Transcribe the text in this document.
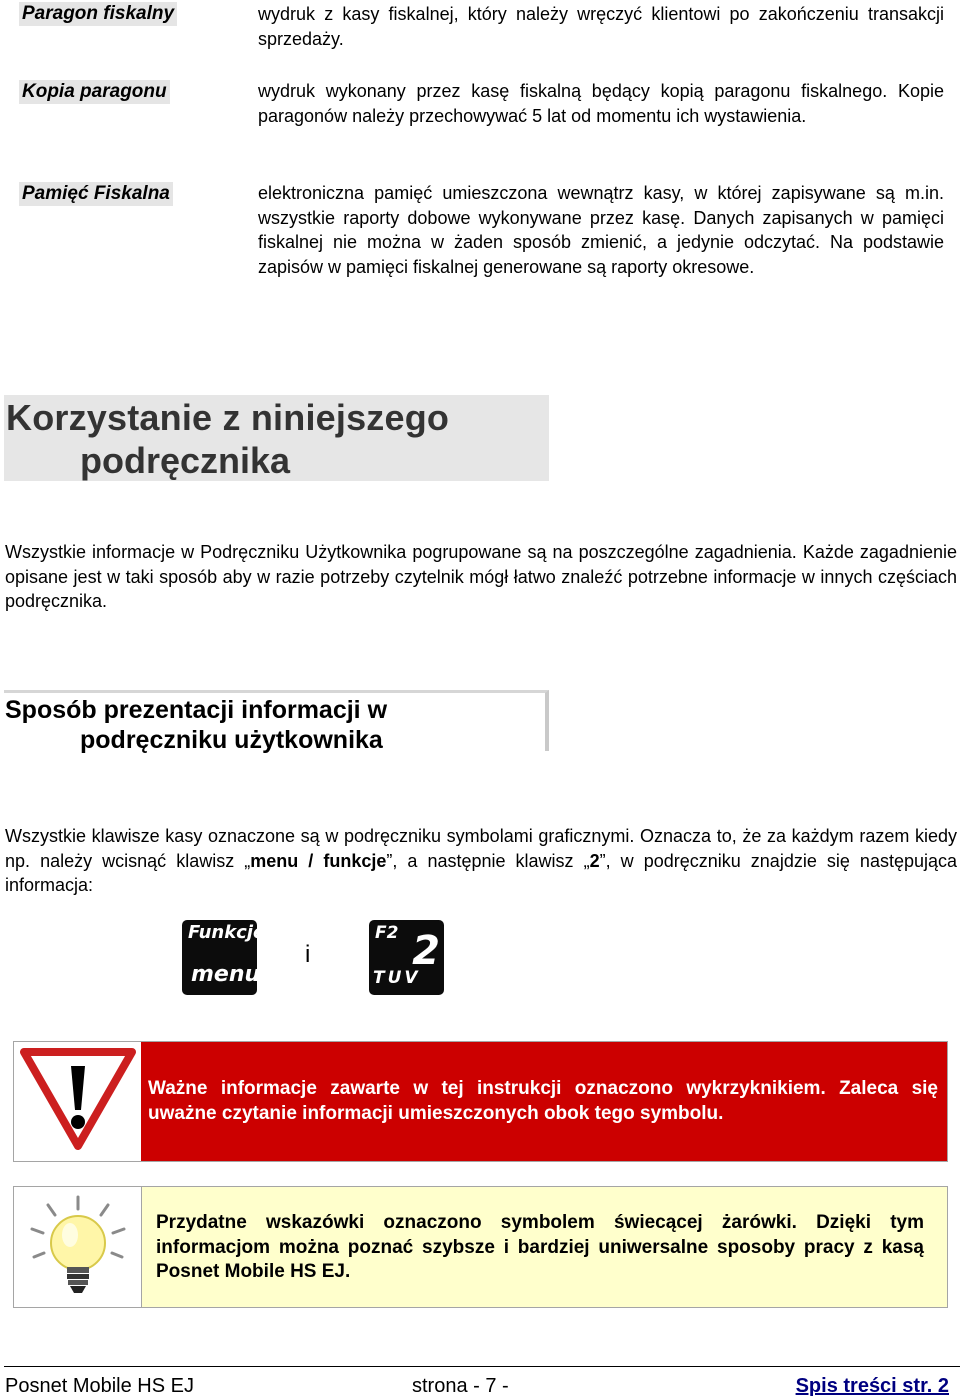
Paragon fiskalny	wydruk z kasy fiskalnej, który należy wręczyć klientowi po zakończeniu transakcji sprzedaży.
Kopia paragonu	wydruk wykonany przez kasę fiskalną będący kopią paragonu fiskalnego. Kopie paragonów należy przechowywać 5 lat od momentu ich wystawienia.
Pamięć Fiskalna	elektroniczna pamięć umieszczona wewnątrz kasy, w której zapisywane są m.in. wszystkie raporty dobowe wykonywane przez kasę. Danych zapisanych w pamięci fiskalnej nie można w żaden sposób zmienić, a jedynie odczytać. Na podstawie zapisów w pamięci fiskalnej generowane są raporty okresowe.
Korzystanie z niniejszego
podręcznika
Wszystkie informacje w Podręczniku Użytkownika pogrupowane są na poszczególne zagadnienia. Każde zagadnienie opisane jest w taki sposób aby w razie potrzeby czytelnik mógł łatwo znaleźć potrzebne informacje w innych częściach podręcznika.
Sposób prezentacji informacji w
podręczniku użytkownika
Wszystkie klawisze kasy oznaczone są w podręczniku symbolami graficznymi. Oznacza to, że za każdym razem kiedy np. należy wcisnąć klawisz „menu / funkcje”, a następnie klawisz „2”, w podręczniku znajdzie się następująca informacja:
Funkcje
menu
i
F2 2
TUV
Ważne informacje zawarte w tej instrukcji oznaczono wykrzyknikiem. Zaleca się uważne czytanie informacji umieszczonych obok tego symbolu.
Przydatne wskazówki oznaczono symbolem świecącej żarówki. Dzięki tym informacjom można poznać szybsze i bardziej uniwersalne sposoby pracy z kasą Posnet Mobile HS EJ.
Posnet Mobile HS EJ	strona - 7 -	Spis treści str. 2
